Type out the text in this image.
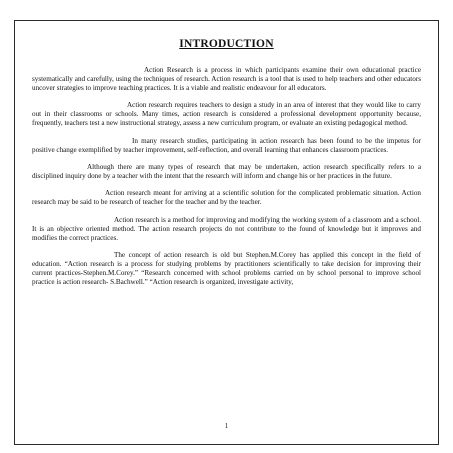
INTRODUCTION

Action Research is a process in which participants examine their own educational practice systematically and carefully, using the techniques of research. Action research is a tool that is used to help teachers and other educators uncover strategies to improve teaching practices. It is a viable and realistic endeavour for all educators.

Action research requires teachers to design a study in an area of interest that they would like to carry out in their classrooms or schools. Many times, action research is considered a professional development opportunity because, frequently, teachers test a new instructional strategy, assess a new curriculum program, or evaluate an existing pedagogical method.

In many research studies, participating in action research has been found to be the impetus for positive change exemplified by teacher improvement, self-reflection, and overall learning that enhances classroom practices.

Although there are many types of research that may be undertaken, action research specifically refers to a disciplined inquiry done by a teacher with the intent that the research will inform and change his or her practices in the future.

Action research meant for arriving at a scientific solution for the complicated problematic situation. Action research may be said to be research of teacher for the teacher and by the teacher.

Action research is a method for improving and modifying the working system of a classroom and a school. It is an objective oriented method. The action research projects do not contribute to the found of knowledge but it improves and modifies the correct practices.

The concept of action research is old but Stephen.M.Corey has applied this concept in the field of education. “Action research is a process for studying problems by practitioners scientifically to take decision for improving their current practices-Stephen.M.Corey.” “Research concerned with school problems carried on by school personal to improve school practice is action research- S.Bachwell.” “Action research is organized, investigate activity,

1
